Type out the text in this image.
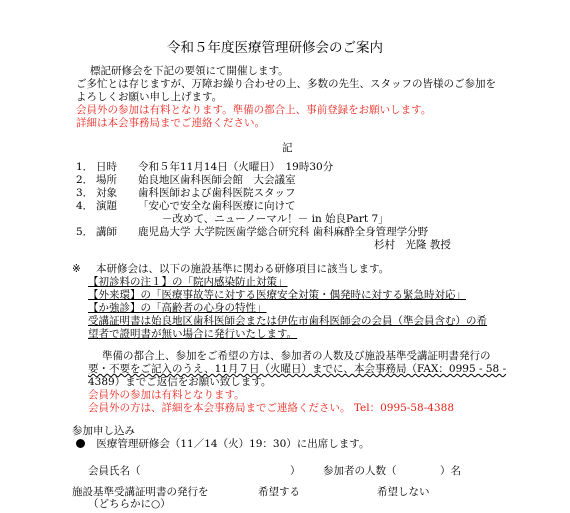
令和５年度医療管理研修会のご案内
標記研修会を下記の要領にて開催します。
ご多忙とは存じますが、万障お繰り合わせの上、多数の先生、スタッフの皆様のご参加を
よろしくお願い申し上げます。
会員外の参加は有料となります。準備の都合上、事前登録をお願いします。
詳細は本会事務局までご連絡ください。
記
1． 日時 令和５年11月14日（火曜日）　19時30分
2． 場所 始良地区歯科医師会館　大会議室
3． 対象 歯科医師および歯科医院スタッフ
4． 演題 「安心で安全な歯科医療に向けて
－改めて、ニューノーマル！－ in 始良Part 7」
5． 講師 鹿児島大学 大学院医歯学総合研究科 歯科麻酔全身管理学分野
杉村　光隆 教授
※ 本研修会は、以下の施設基準に関わる研修項目に該当します。
【初診料の注１】の「院内感染防止対策」
【外来環】の「医療事故等に対する医療安全対策・偶発時に対する緊急時対応」
【か強診】の「高齢者の心身の特性」
受講証明書は始良地区歯科医師会または伊佐市歯科医師会の会員（準会員含む）の希
望者で證明書が無い場合に発行いたします。
準備の都合上、参加をご希望の方は、参加者の人数及び施設基準受講証明書発行の
要・不要をご記入のうえ、11月７日（火曜日）までに、本会事務局（FAX：0995 - 58 -
4389）までご返信をお願い致します。
会員外の参加は有料となります。
会員外の方は、詳細を本会事務局までご連絡ください。 Tel：0995-58-4388
参加申し込み
医療管理研修会（11／14（火）19：30）に出席します。
会員氏名（	） 参加者の人数（	）名
施設基準受講証明書の発行を	希望する	希望しない
（どちらかに○）
